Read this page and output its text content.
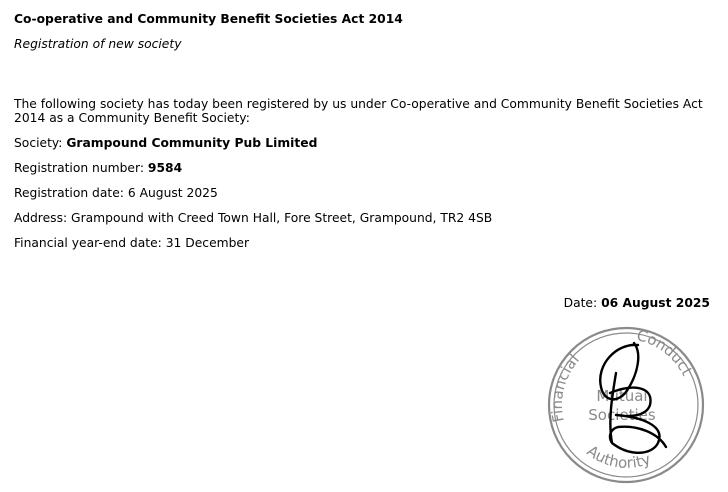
Co-operative and Community Benefit Societies Act 2014

Registration of new society

The following society has today been registered by us under Co-operative and Community Benefit Societies Act 2014 as a Community Benefit Society:

Society: Grampound Community Pub Limited

Registration number: 9584

Registration date: 6 August 2025

Address: Grampound with Creed Town Hall, Fore Street, Grampound, TR2 4SB

Financial year-end date: 31 December

Date: 06 August 2025

Financial
Conduct
Authority
Mutual
Societies
